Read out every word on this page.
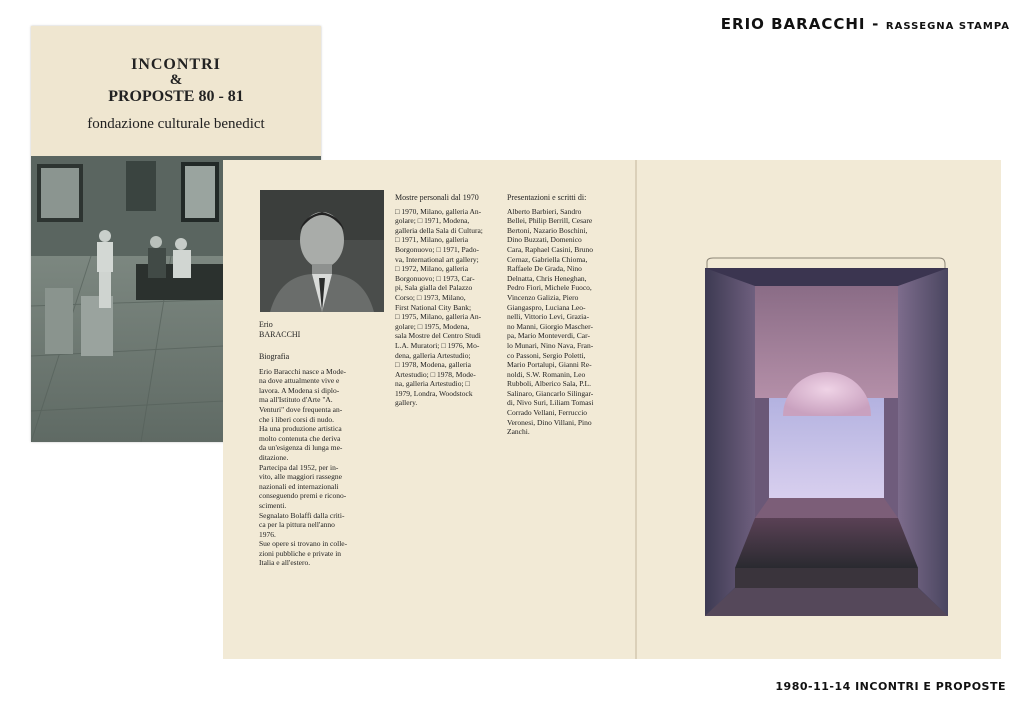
ERIO BARACCHI - RASSEGNA STAMPA
INCONTRI
&
PROPOSTE 80 - 81
fondazione culturale benedict
Erio
BARACCHI
Biografia
Erio Baracchi nasce a Mode-
na dove attualmente vive e
lavora. A Modena si diplo-
ma all'Istituto d'Arte "A.
Venturi" dove frequenta an-
che i liberi corsi di nudo.
Ha una produzione artistica
molto contenuta che deriva
da un'esigenza di lunga me-
ditazione.
Partecipa dal 1952, per in-
vito, alle maggiori rassegne
nazionali ed internazionali
conseguendo premi e ricono-
scimenti.
Segnalato Bolaffi dalla criti-
ca per la pittura nell'anno
1976.
Sue opere si trovano in colle-
zioni pubbliche e private in
Italia e all'estero.
Mostre personali dal 1970
□ 1970, Milano, galleria An-
golare; □ 1971, Modena,
galleria della Sala di Cultura;
□ 1971, Milano, galleria
Borgonuovo; □ 1971, Pado-
va, International art gallery;
□ 1972, Milano, galleria
Borgonuovo; □ 1973, Car-
pi, Sala gialla del Palazzo
Corso; □ 1973, Milano,
First National City Bank;
□ 1975, Milano, galleria An-
golare; □ 1975, Modena,
sala Mostre del Centro Studi
L.A. Muratori; □ 1976, Mo-
dena, galleria Artestudio;
□ 1978, Modena, galleria
Artestudio; □ 1978, Mode-
na, galleria Artestudio; □
1979, Londra, Woodstock
gallery.
Presentazioni e scritti di:
Alberto Barbieri, Sandro
Bellei, Philip Berrill, Cesare
Bertoni, Nazario Boschini,
Dino Buzzati, Domenico
Cara, Raphael Casini, Bruno
Cernaz, Gabriella Chioma,
Raffaele De Grada, Nino
Delnatta, Chris Heneghan,
Pedro Fiori, Michele Fuoco,
Vincenzo Galizia, Piero
Giangaspro, Luciana Leo-
nelli, Vittorio Levi, Grazia-
no Manni, Giorgio Mascher-
pa, Mario Monteverdi, Car-
lo Munari, Nino Nava, Fran-
co Passoni, Sergio Poletti,
Mario Portalupi, Gianni Re-
noldi, S.W. Romanin, Leo
Rubboli, Alberico Sala, P.L.
Salinaro, Giancarlo Silingar-
di, Nivo Suri, Liliam Tomasi
Corrado Vellani, Ferruccio
Veronesi, Dino Villani, Pino
Zanchi.
1980-11-14 INCONTRI E PROPOSTE
